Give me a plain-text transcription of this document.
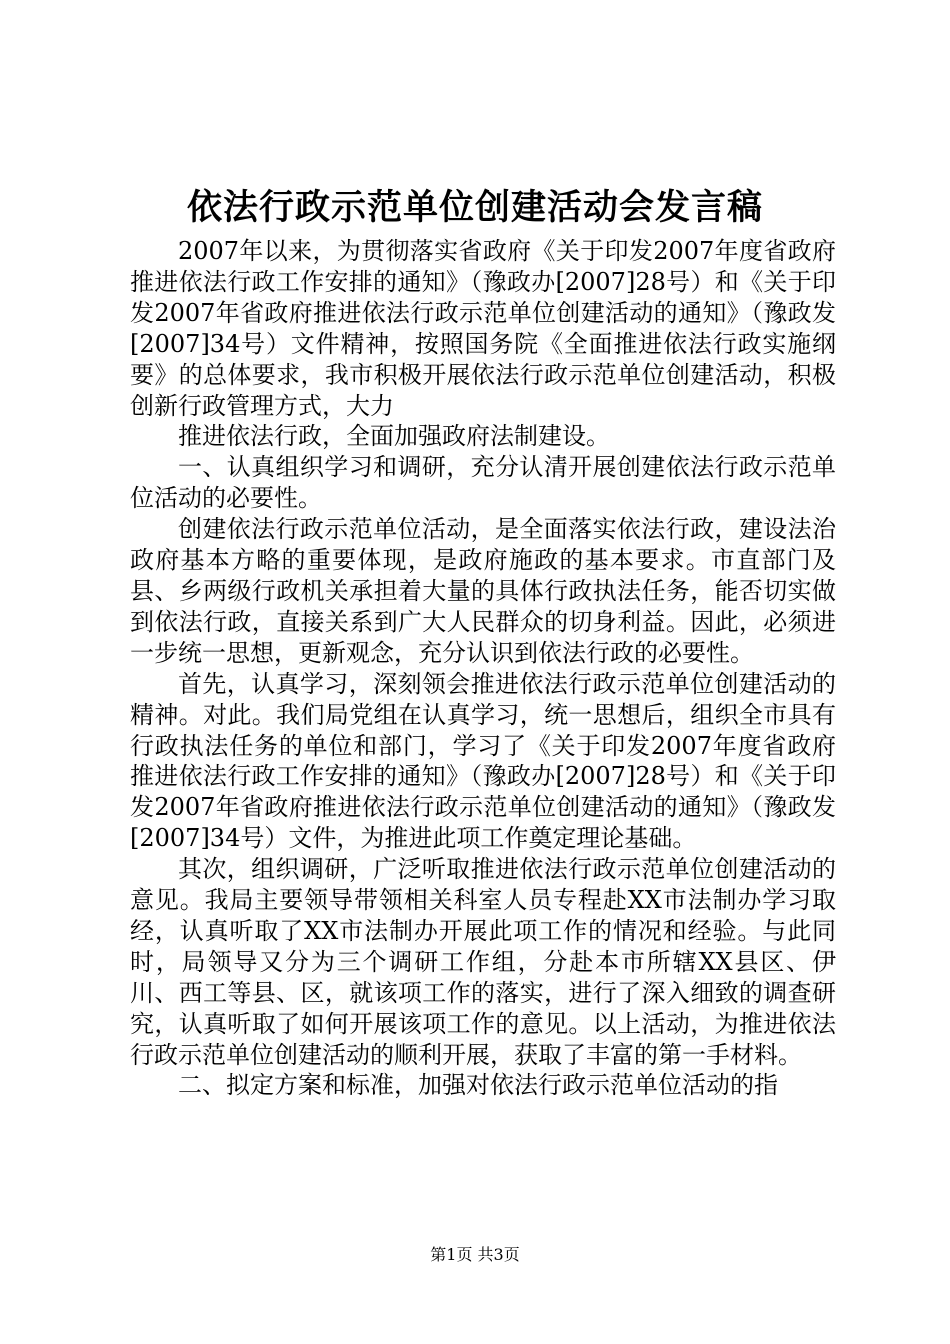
依法行政示范单位创建活动会发言稿

2007年以来，为贯彻落实省政府《关于印发2007年度省政府推进依法行政工作安排的通知》（豫政办[2007]28号）和《关于印发2007年省政府推进依法行政示范单位创建活动的通知》（豫政发[2007]34号）文件精神，按照国务院《全面推进依法行政实施纲要》的总体要求，我市积极开展依法行政示范单位创建活动，积极创新行政管理方式，大力

推进依法行政，全面加强政府法制建设。

一、认真组织学习和调研，充分认清开展创建依法行政示范单位活动的必要性。

创建依法行政示范单位活动，是全面落实依法行政，建设法治政府基本方略的重要体现，是政府施政的基本要求。市直部门及县、乡两级行政机关承担着大量的具体行政执法任务，能否切实做到依法行政，直接关系到广大人民群众的切身利益。因此，必须进一步统一思想，更新观念，充分认识到依法行政的必要性。

首先，认真学习，深刻领会推进依法行政示范单位创建活动的精神。对此。我们局党组在认真学习，统一思想后，组织全市具有行政执法任务的单位和部门，学习了《关于印发2007年度省政府推进依法行政工作安排的通知》（豫政办[2007]28号）和《关于印发2007年省政府推进依法行政示范单位创建活动的通知》（豫政发[2007]34号）文件，为推进此项工作奠定理论基础。

其次，组织调研，广泛听取推进依法行政示范单位创建活动的意见。我局主要领导带领相关科室人员专程赴XX市法制办学习取经，认真听取了XX市法制办开展此项工作的情况和经验。与此同时，局领导又分为三个调研工作组，分赴本市所辖XX县区、伊川、西工等县、区，就该项工作的落实，进行了深入细致的调查研究，认真听取了如何开展该项工作的意见。以上活动，为推进依法行政示范单位创建活动的顺利开展，获取了丰富的第一手材料。

二、拟定方案和标准，加强对依法行政示范单位活动的指

第1页 共3页
